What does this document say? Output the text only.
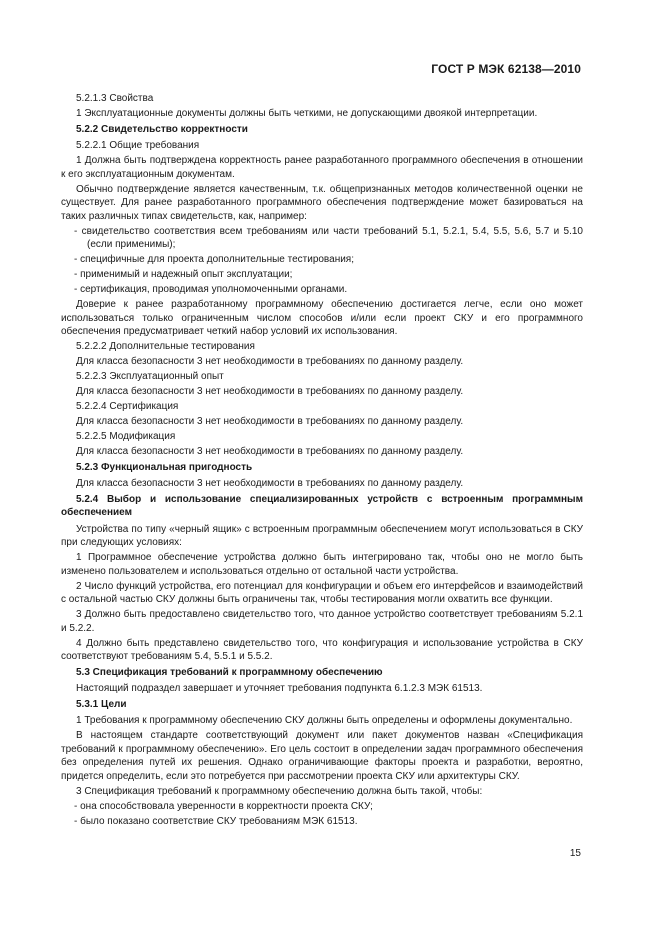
ГОСТ Р МЭК 62138—2010

5.2.1.3 Свойства

1 Эксплуатационные документы должны быть четкими, не допускающими двоякой интерпретации.

5.2.2 Свидетельство корректности

5.2.2.1 Общие требования

1 Должна быть подтверждена корректность ранее разработанного программного обеспечения в отношении к его эксплуатационным документам.

Обычно подтверждение является качественным, т.к. общепризнанных методов количественной оценки не существует. Для ранее разработанного программного обеспечения подтверждение может базироваться на таких различных типах свидетельств, как, например:

- свидетельство соответствия всем требованиям или части требований 5.1, 5.2.1, 5.4, 5.5, 5.6, 5.7 и 5.10 (если применимы);

- специфичные для проекта дополнительные тестирования;

- применимый и надежный опыт эксплуатации;

- сертификация, проводимая уполномоченными органами.

Доверие к ранее разработанному программному обеспечению достигается легче, если оно может использоваться только ограниченным числом способов и/или если проект СКУ и его программного обеспечения предусматривает четкий набор условий их использования.

5.2.2.2 Дополнительные тестирования

Для класса безопасности 3 нет необходимости в требованиях по данному разделу.

5.2.2.3 Эксплуатационный опыт

Для класса безопасности 3 нет необходимости в требованиях по данному разделу.

5.2.2.4 Сертификация

Для класса безопасности 3 нет необходимости в требованиях по данному разделу.

5.2.2.5 Модификация

Для класса безопасности 3 нет необходимости в требованиях по данному разделу.

5.2.3 Функциональная пригодность

Для класса безопасности 3 нет необходимости в требованиях по данному разделу.

5.2.4 Выбор и использование специализированных устройств с встроенным программным обеспечением

Устройства по типу «черный ящик» с встроенным программным обеспечением могут использоваться в СКУ при следующих условиях:

1 Программное обеспечение устройства должно быть интегрировано так, чтобы оно не могло быть изменено пользователем и использоваться отдельно от остальной части устройства.

2 Число функций устройства, его потенциал для конфигурации и объем его интерфейсов и взаимодействий с остальной частью СКУ должны быть ограничены так, чтобы тестирования могли охватить все функции.

3 Должно быть предоставлено свидетельство того, что данное устройство соответствует требованиям 5.2.1 и 5.2.2.

4 Должно быть представлено свидетельство того, что конфигурация и использование устройства в СКУ соответствуют требованиям 5.4, 5.5.1 и 5.5.2.

5.3 Спецификация требований к программному обеспечению

Настоящий подраздел завершает и уточняет требования подпункта 6.1.2.3 МЭК 61513.

5.3.1 Цели

1 Требования к программному обеспечению СКУ должны быть определены и оформлены документально.

В настоящем стандарте соответствующий документ или пакет документов назван «Спецификация требований к программному обеспечению». Его цель состоит в определении задач программного обеспечения без определения путей их решения. Однако ограничивающие факторы проекта и разработки, вероятно, придется определить, если это потребуется при рассмотрении проекта СКУ или архитектуры СКУ.

3 Спецификация требований к программному обеспечению должна быть такой, чтобы:

- она способствовала уверенности в корректности проекта СКУ;

- было показано соответствие СКУ требованиям МЭК 61513.

15
